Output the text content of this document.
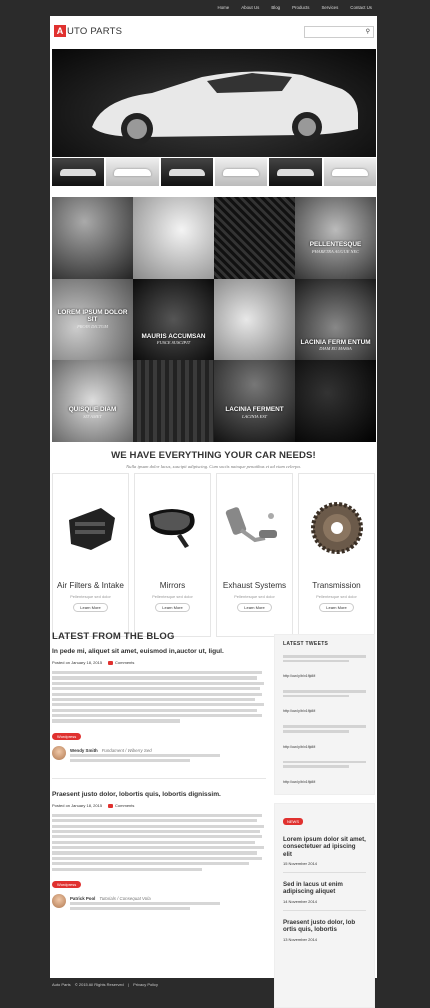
Home	About Us	Blog	Products	Services	Contact Us
A UTO PARTS	⚲
PELLENTESQUE
PHARETRA AUGUE NEC
LOREM IPSUM DOLOR SIT
PROIN DICTUM
MAURIS ACCUMSAN
FUSCE SUSCIPIT	LACINIA FERM ENTUM
DIAM EU MASSA
QUISQUE DIAM
SIT AMET
LACINIA FERMENT
LACINIA EST
WE HAVE EVERYTHING YOUR CAR NEEDS!

Nulla ipsum dolor lacus, suscipit adipiscing. Cum sociis natoque penatibus et ad viam celerpa.

Air Filters & Intake
Pellentesque sed dolor
Learn More
Mirrors
Pellentesque sed dolor
Learn More
Exhaust Systems
Pellentesque sed dolor
Learn More
Transmission
Pellentesque sed dolor
Learn More
LATEST FROM THE BLOG
In pede mi, aliquet sit amet, euismod in,auctor ut, ligul.
Posted on January 18, 2015	Comments
Wordpress
Wendy Smith Fundament / Wiberry Sed
Praesent justo dolor, lobortis quis, lobortis dignissim.
Posted on January 18, 2015	Comments
Wordpress
Patrick Pool Tutorials / Consequat Vola
LATEST TWEETS
http://ow.ly/b/x1fijdM
http://ow.ly/b/x1fijdM
http://ow.ly/b/x1fijdM
http://ow.ly/b/x1fijdM
NEWS
Lorem ipsum dolor sit amet, consectetuer ad ipiscing elit
15 November 2014
Sed in lacus ut enim adipiscing aliquet
14 November 2014
Praesent justo dolor, lob ortis quis, lobortis
13 November 2014
Auto Parts © 2015 All Rights Reserved | Privacy Policy
